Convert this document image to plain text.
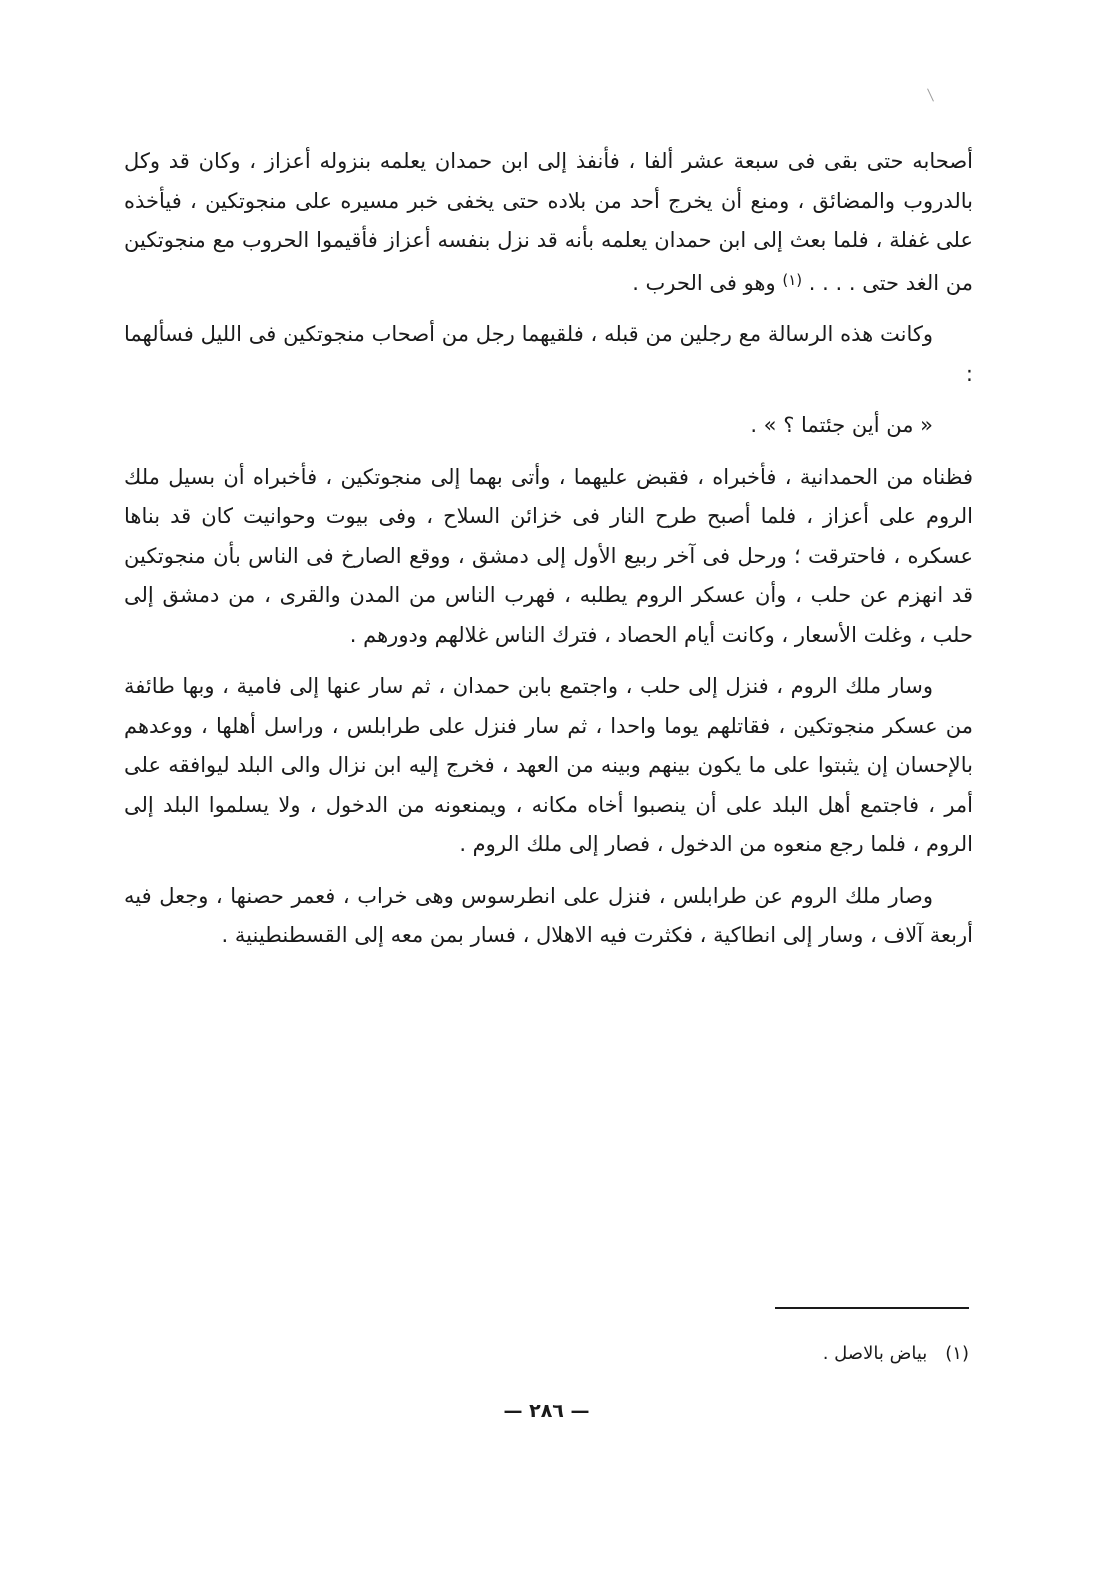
أصحابه حتى بقى فى سبعة عشر ألفا ، فأنفذ إلى ابن حمدان يعلمه بنزوله أعزاز ، وكان قد وكل بالدروب والمضائق ، ومنع أن يخرج أحد من بلاده حتى يخفى خبر مسيره على منجوتكين ، فيأخذه على غفلة ، فلما بعث إلى ابن حمدان يعلمه بأنه قد نزل بنفسه أعزاز فأقيموا الحروب مع منجوتكين من الغد حتى . . . . $^{(١)}$ وهو فى الحرب .

وكانت هذه الرسالة مع رجلين من قبله ، فلقيهما رجل من أصحاب منجوتكين فى الليل فسألهما :

« من أين جئتما ؟ » .

فظناه من الحمدانية ، فأخبراه ، فقبض عليهما ، وأتى بهما إلى منجوتكين ، فأخبراه أن بسيل ملك الروم على أعزاز ، فلما أصبح طرح النار فى خزائن السلاح ، وفى بيوت وحوانيت كان قد بناها عسكره ، فاحترقت ؛ ورحل فى آخر ربيع الأول إلى دمشق ، ووقع الصارخ فى الناس بأن منجوتكين قد انهزم عن حلب ، وأن عسكر الروم يطلبه ، فهرب الناس من المدن والقرى ، من دمشق إلى حلب ، وغلت الأسعار ، وكانت أيام الحصاد ، فترك الناس غلالهم ودورهم .

وسار ملك الروم ، فنزل إلى حلب ، واجتمع بابن حمدان ، ثم سار عنها إلى فامية ، وبها طائفة من عسكر منجوتكين ، فقاتلهم يوما واحدا ، ثم سار فنزل على طرابلس ، وراسل أهلها ، ووعدهم بالإحسان إن يثبتوا على ما يكون بينهم وبينه من العهد ، فخرج إليه ابن نزال والى البلد ليوافقه على أمر ، فاجتمع أهل البلد على أن ينصبوا أخاه مكانه ، ويمنعونه من الدخول ، ولا يسلموا البلد إلى الروم ، فلما رجع منعوه من الدخول ، فصار إلى ملك الروم .

وصار ملك الروم عن طرابلس ، فنزل على انطرسوس وهى خراب ، فعمر حصنها ، وجعل فيه أربعة آلاف ، وسار إلى انطاكية ، فكثرت فيه الاهلال ، فسار بمن معه إلى القسطنطينية .

(١)بياض بالاصل .
— ٢٨٦ —
